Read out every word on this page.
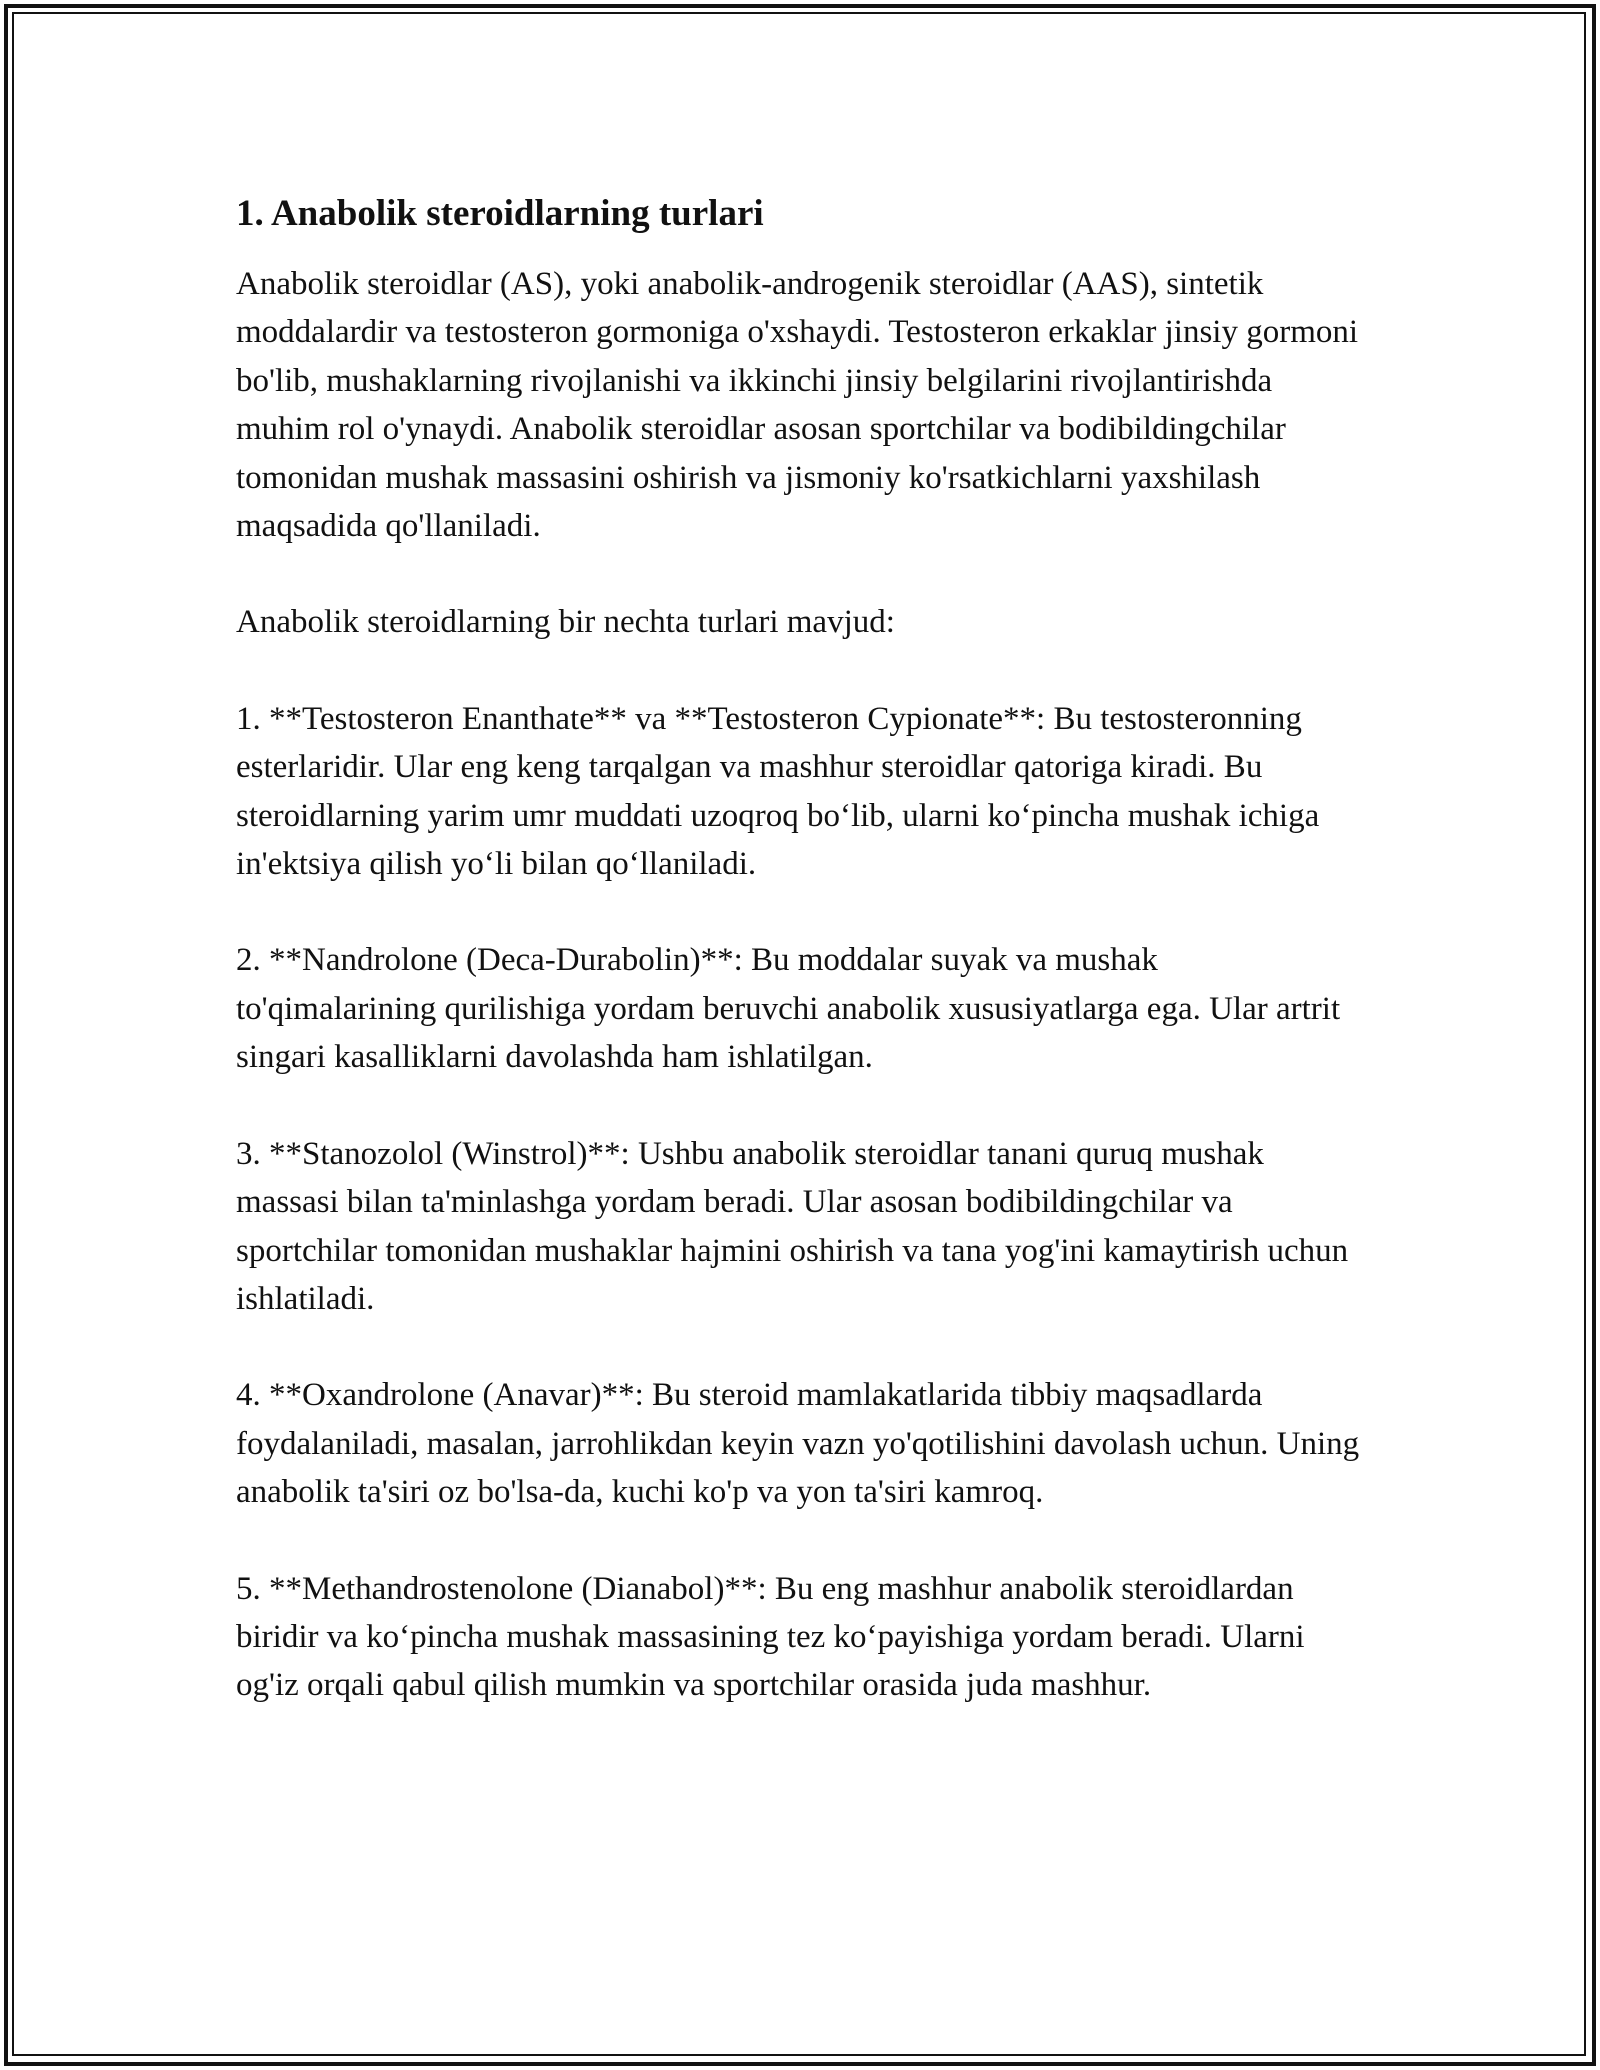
1. Anabolik steroidlarning turlari

Anabolik steroidlar (AS), yoki anabolik-androgenik steroidlar (AAS), sintetik moddalardir va testosteron gormoniga o'xshaydi. Testosteron erkaklar jinsiy gormoni bo'lib, mushaklarning rivojlanishi va ikkinchi jinsiy belgilarini rivojlantirishda muhim rol o'ynaydi. Anabolik steroidlar asosan sportchilar va bodibildingchilar tomonidan mushak massasini oshirish va jismoniy ko'rsatkichlarni yaxshilash maqsadida qo'llaniladi.

Anabolik steroidlarning bir nechta turlari mavjud:

1. **Testosteron Enanthate** va **Testosteron Cypionate**: Bu testosteronning esterlaridir. Ular eng keng tarqalgan va mashhur steroidlar qatoriga kiradi. Bu steroidlarning yarim umr muddati uzoqroq bo‘lib, ularni ko‘pincha mushak ichiga in'ektsiya qilish yo‘li bilan qo‘llaniladi.

2. **Nandrolone (Deca-Durabolin)**: Bu moddalar suyak va mushak to'qimalarining qurilishiga yordam beruvchi anabolik xususiyatlarga ega. Ular artrit singari kasalliklarni davolashda ham ishlatilgan.

3. **Stanozolol (Winstrol)**: Ushbu anabolik steroidlar tanani quruq mushak massasi bilan ta'minlashga yordam beradi. Ular asosan bodibildingchilar va sportchilar tomonidan mushaklar hajmini oshirish va tana yog'ini kamaytirish uchun ishlatiladi.

4. **Oxandrolone (Anavar)**: Bu steroid mamlakatlarida tibbiy maqsadlarda foydalaniladi, masalan, jarrohlikdan keyin vazn yo'qotilishini davolash uchun. Uning anabolik ta'siri oz bo'lsa-da, kuchi ko'p va yon ta'siri kamroq.

5. **Methandrostenolone (Dianabol)**: Bu eng mashhur anabolik steroidlardan biridir va ko‘pincha mushak massasining tez ko‘payishiga yordam beradi. Ularni og'iz orqali qabul qilish mumkin va sportchilar orasida juda mashhur.
